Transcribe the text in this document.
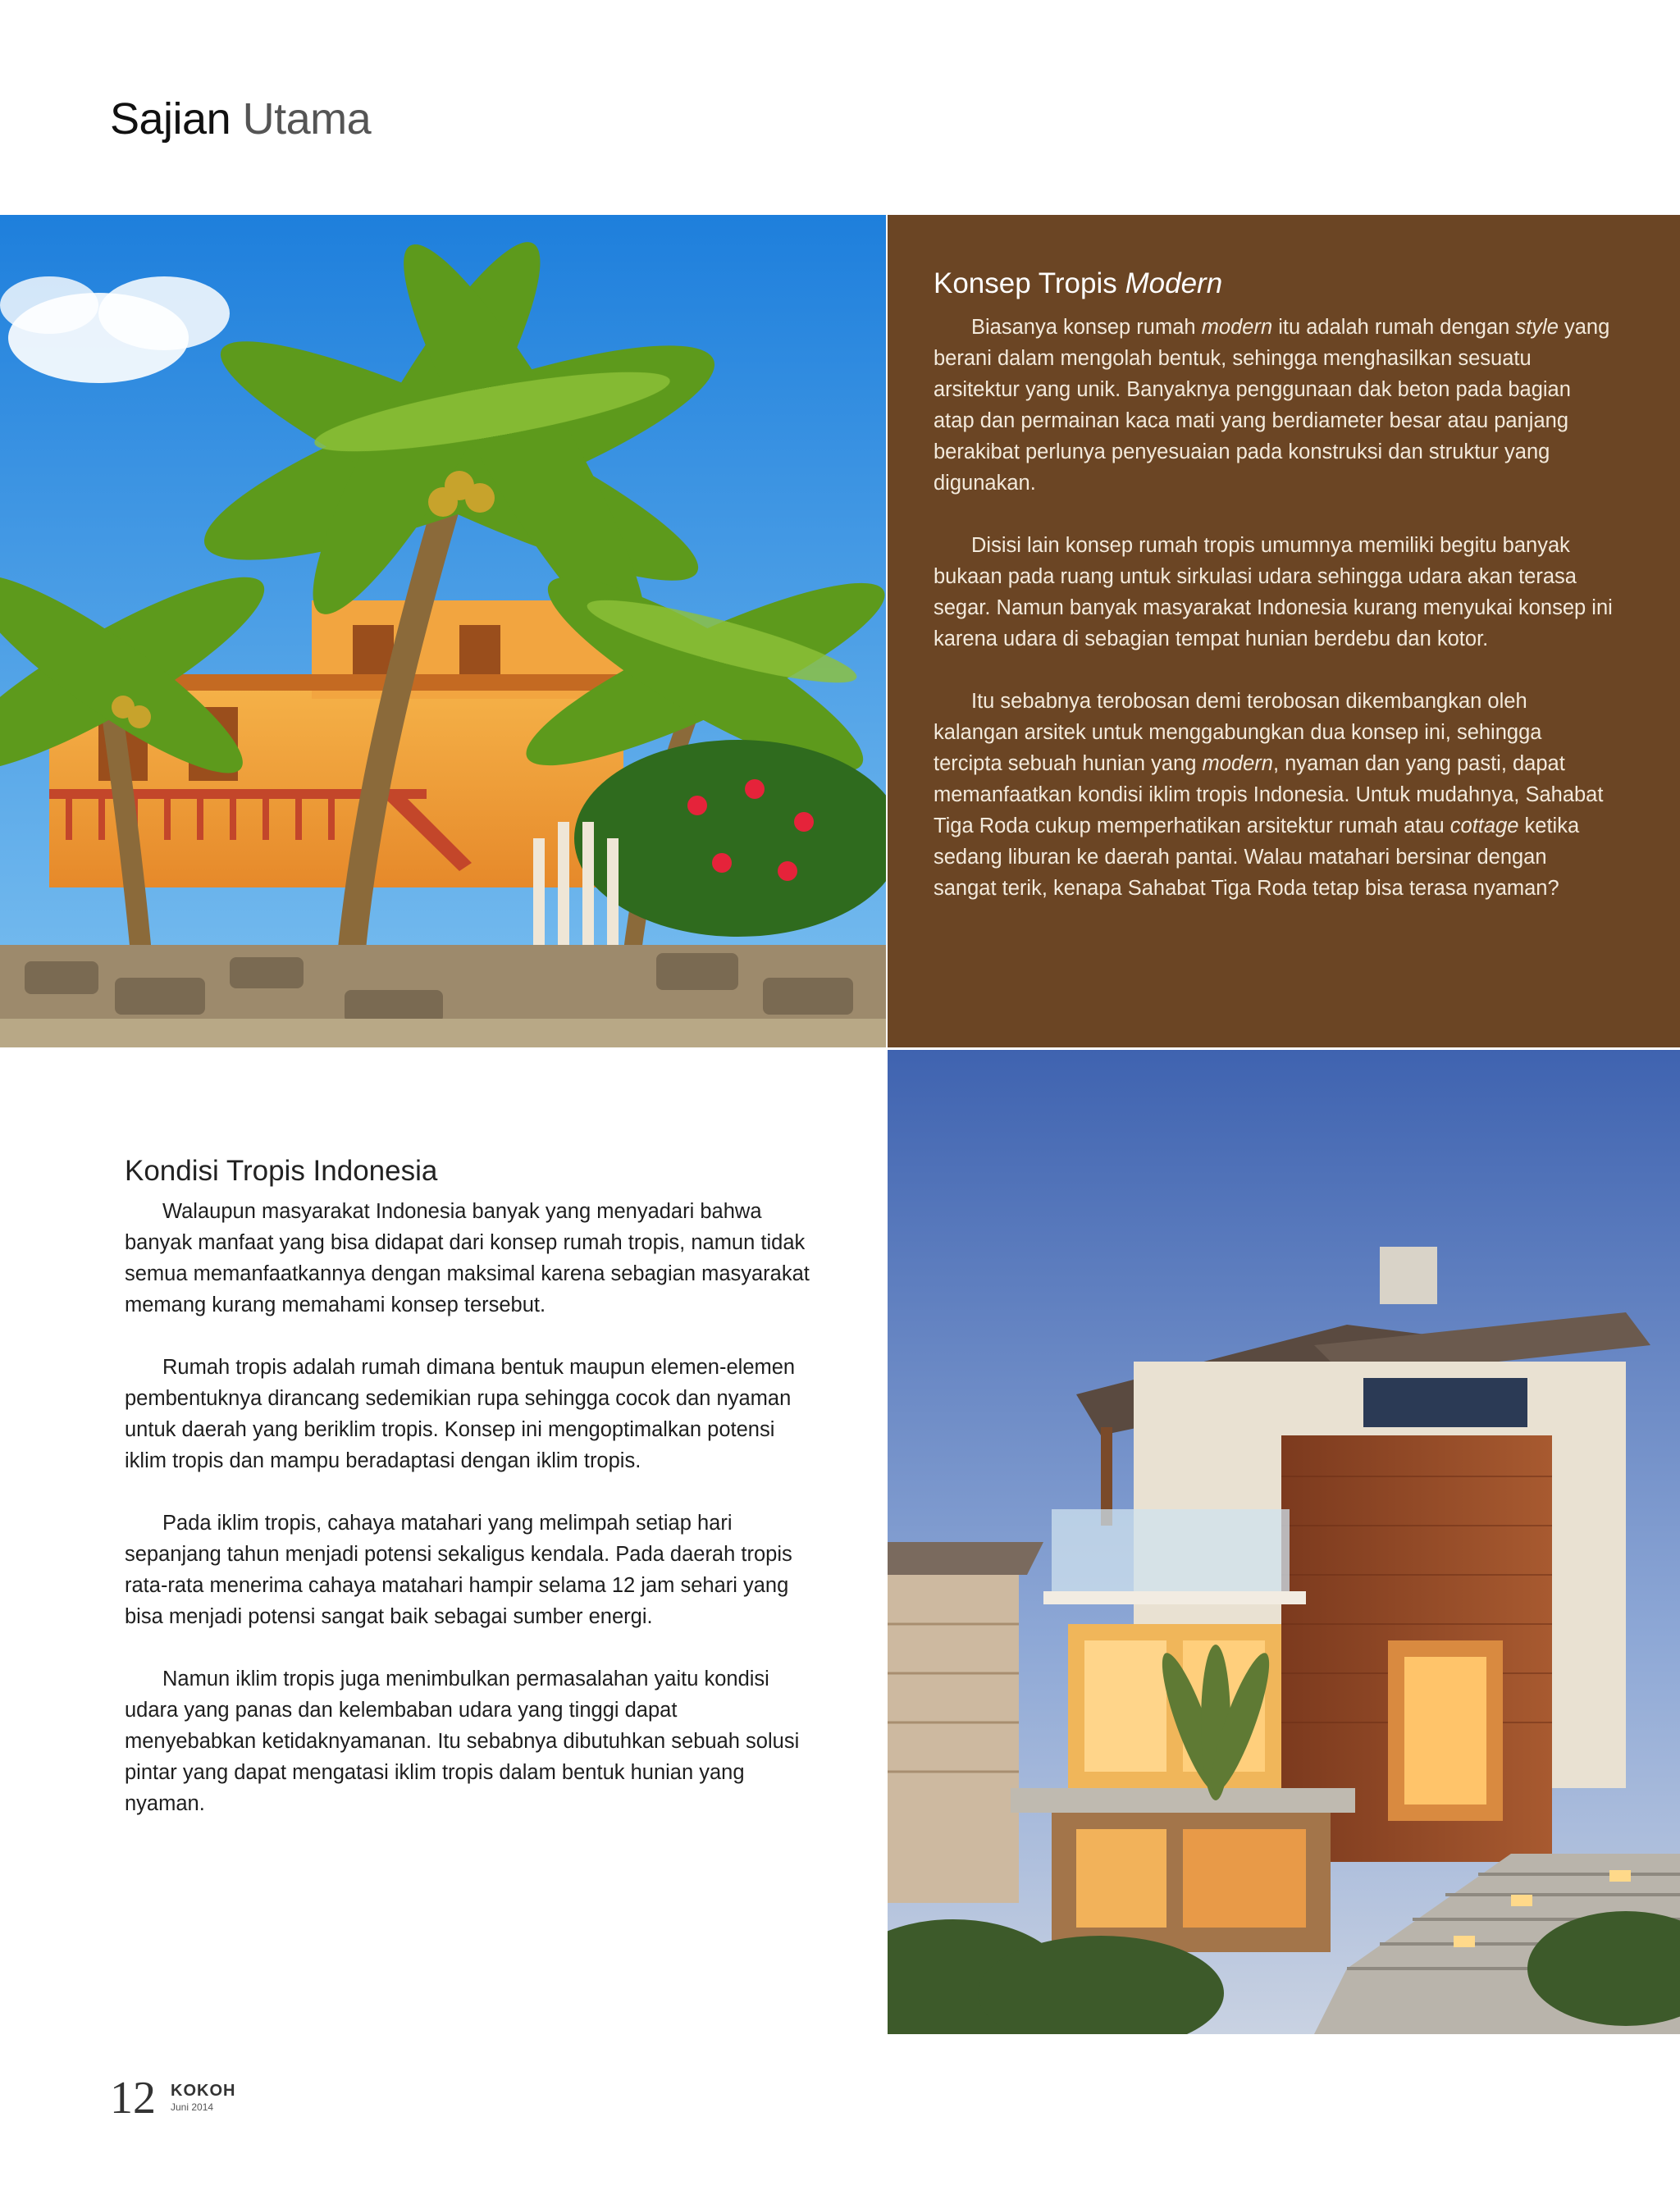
Sajian Utama
Konsep Tropis Modern

Biasanya konsep rumah modern itu adalah rumah dengan style yang berani dalam mengolah bentuk, sehingga menghasilkan sesuatu arsitektur yang unik. Banyaknya penggunaan dak beton pada bagian atap dan permainan kaca mati yang berdiameter besar atau panjang berakibat perlunya penyesuaian pada konstruksi dan struktur yang digunakan.

Disisi lain konsep rumah tropis umumnya memiliki begitu banyak bukaan pada ruang untuk sirkulasi udara sehingga udara akan terasa segar. Namun banyak masyarakat Indonesia kurang menyukai konsep ini karena udara di sebagian tempat hunian berdebu dan kotor.

Itu sebabnya terobosan demi terobosan dikembangkan oleh kalangan arsitek untuk menggabungkan dua konsep ini, sehingga tercipta sebuah hunian yang modern, nyaman dan yang pasti, dapat memanfaatkan kondisi iklim tropis Indonesia. Untuk mudahnya, Sahabat Tiga Roda cukup memperhatikan arsitektur rumah atau cottage ketika sedang liburan ke daerah pantai. Walau matahari bersinar dengan sangat terik, kenapa Sahabat Tiga Roda tetap bisa terasa nyaman?

Kondisi Tropis Indonesia

Walaupun masyarakat Indonesia banyak yang menyadari bahwa banyak manfaat yang bisa didapat dari konsep rumah tropis, namun tidak semua memanfaatkannya dengan maksimal karena sebagian masyarakat memang kurang memahami konsep tersebut.

Rumah tropis adalah rumah dimana bentuk maupun elemen-elemen pembentuknya dirancang sedemikian rupa sehingga cocok dan nyaman untuk daerah yang beriklim tropis. Konsep ini mengoptimalkan potensi iklim tropis dan mampu beradaptasi dengan iklim tropis.

Pada iklim tropis, cahaya matahari yang melimpah setiap hari sepanjang tahun menjadi potensi sekaligus kendala. Pada daerah tropis rata-rata menerima cahaya matahari hampir selama 12 jam sehari yang bisa menjadi potensi sangat baik sebagai sumber energi.

Namun iklim tropis juga menimbulkan permasalahan yaitu kondisi udara yang panas dan kelembaban udara yang tinggi dapat menyebabkan ketidaknyamanan. Itu sebabnya dibutuhkan sebuah solusi pintar yang dapat mengatasi iklim tropis dalam bentuk hunian yang nyaman.

12 KOKOH
Juni 2014
